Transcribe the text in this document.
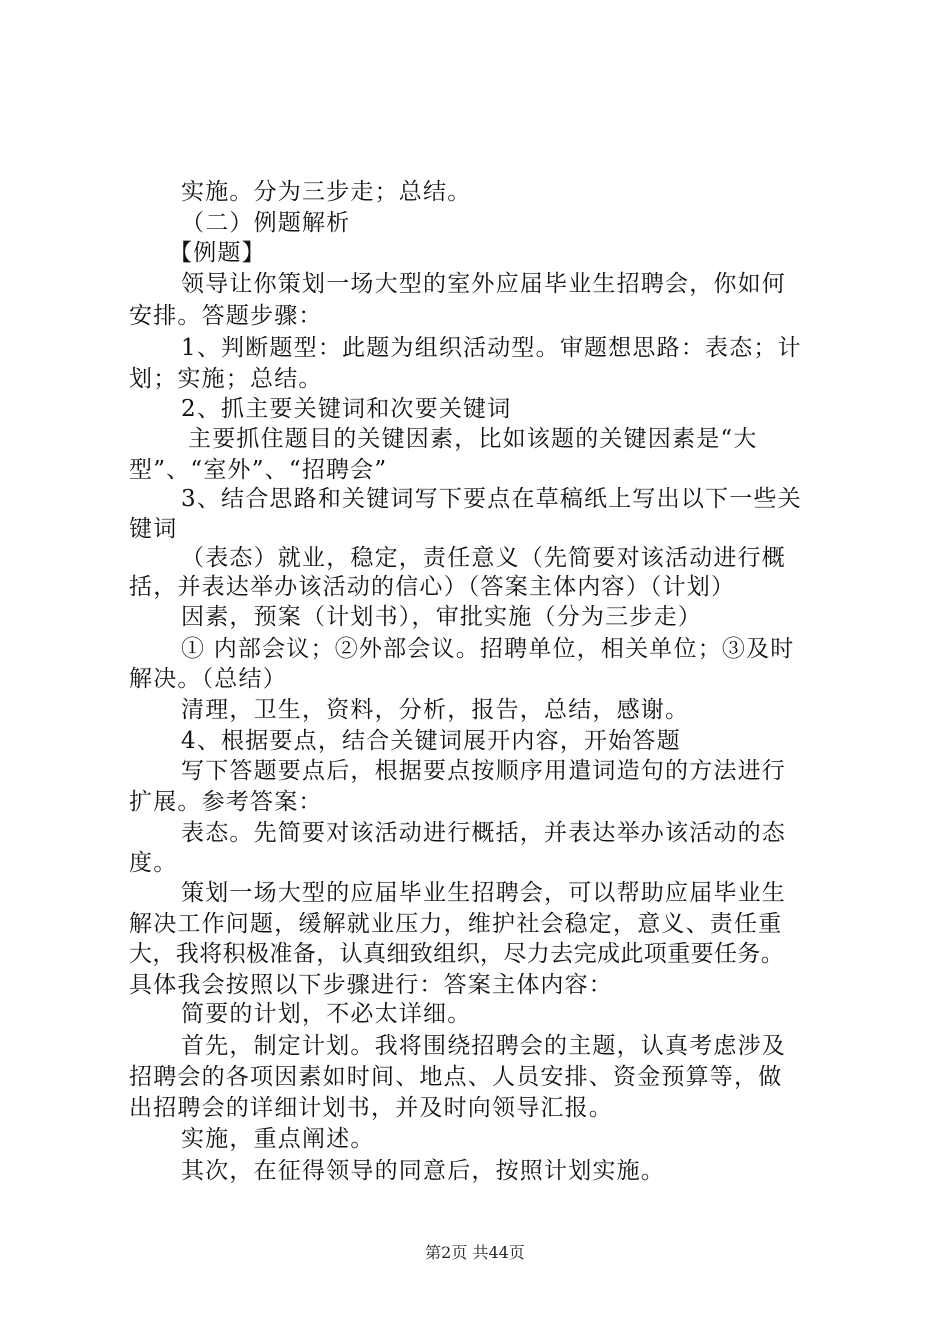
实施。分为三步走；总结。
（二）例题解析
【例题】
领导让你策划一场大型的室外应届毕业生招聘会，你如何
安排。答题步骤：
1、判断题型：此题为组织活动型。审题想思路：表态；计
划；实施；总结。
2、抓主要关键词和次要关键词
主要抓住题目的关键因素，比如该题的关键因素是“大
型”、“室外”、“招聘会”
3、结合思路和关键词写下要点在草稿纸上写出以下一些关
键词
（表态）就业，稳定，责任意义（先简要对该活动进行概
括，并表达举办该活动的信心）（答案主体内容）（计划）
因素，预案（计划书），审批实施（分为三步走）
① 内部会议；②外部会议。招聘单位，相关单位；③及时
解决。（总结）
清理，卫生，资料，分析，报告，总结，感谢。
4、根据要点，结合关键词展开内容，开始答题
写下答题要点后，根据要点按顺序用遣词造句的方法进行
扩展。参考答案：
表态。先简要对该活动进行概括，并表达举办该活动的态
度。
策划一场大型的应届毕业生招聘会，可以帮助应届毕业生
解决工作问题，缓解就业压力，维护社会稳定，意义、责任重
大，我将积极准备，认真细致组织，尽力去完成此项重要任务。
具体我会按照以下步骤进行：答案主体内容：
简要的计划，不必太详细。
首先，制定计划。我将围绕招聘会的主题，认真考虑涉及
招聘会的各项因素如时间、地点、人员安排、资金预算等，做
出招聘会的详细计划书，并及时向领导汇报。
实施，重点阐述。
其次，在征得领导的同意后，按照计划实施。
第2页 共44页
